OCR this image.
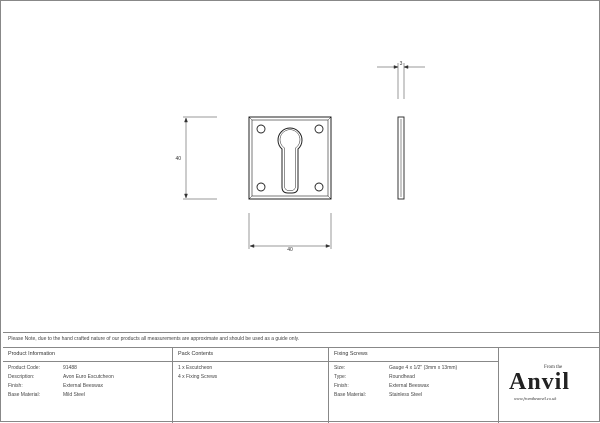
40
40
3
Please Note, due to the hand crafted nature of our products all measurements are approximate and should be used as a guide only.
Product Information
Product Code:	91488
Description:	Avon Euro Escutcheon
Finish:	External Beeswax
Base Material:	Mild Steel
Pack Contents
1 x Escutcheon
4 x Fixing Screws
Fixing Screws
Size:	Gauge 4 x 1/2" (3mm x 13mm)
Type:	Roundhead
Finish:	External Beeswax
Base Material:	Stainless Steel
From the
Anvil
www.fromtheanvil.co.uk
